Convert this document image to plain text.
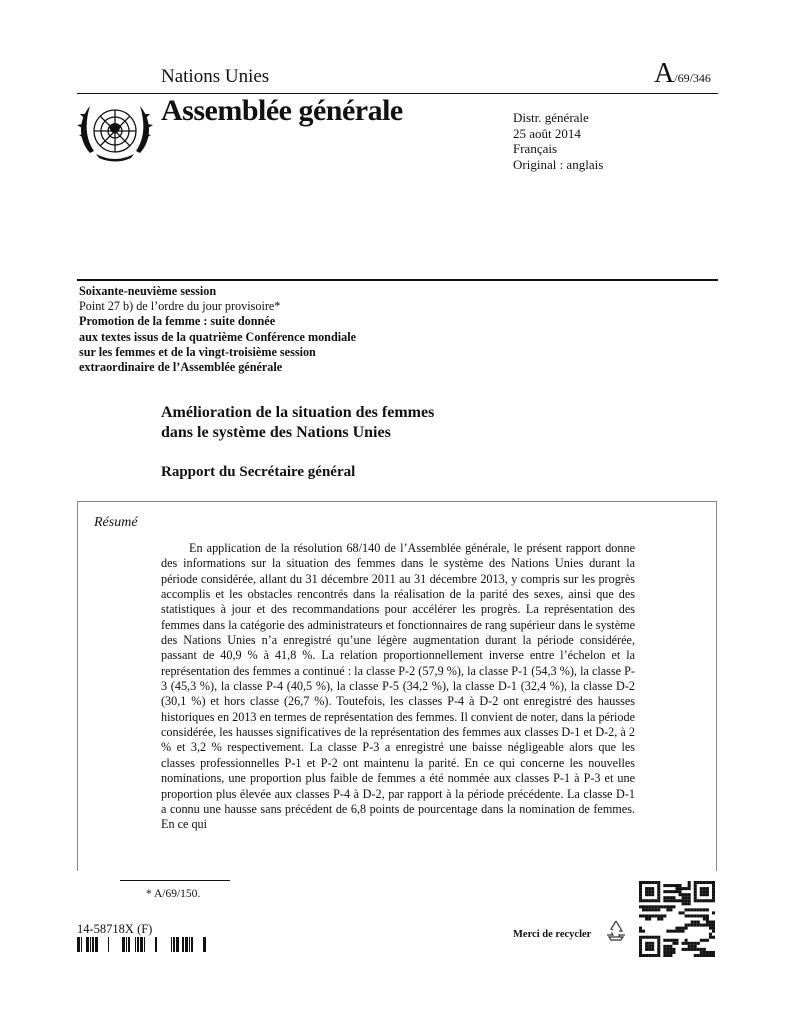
Nations Unies	A/69/346
Assemblée générale	Distr. générale
25 août 2014
Français
Original : anglais
Soixante-neuvième session
Point 27 b) de l’ordre du jour provisoire*
Promotion de la femme : suite donnée
aux textes issus de la quatrième Conférence mondiale
sur les femmes et de la vingt-troisième session
extraordinaire de l’Assemblée générale
Amélioration de la situation des femmes
dans le système des Nations Unies
Rapport du Secrétaire général
Résumé

En application de la résolution 68/140 de l’Assemblée générale, le présent rapport donne des informations sur la situation des femmes dans le système des Nations Unies durant la période considérée, allant du 31 décembre 2011 au 31 décembre 2013, y compris sur les progrès accomplis et les obstacles rencontrés dans la réalisation de la parité des sexes, ainsi que des statistiques à jour et des recommandations pour accélérer les progrès. La représentation des femmes dans la catégorie des administrateurs et fonctionnaires de rang supérieur dans le système des Nations Unies n’a enregistré qu’une légère augmentation durant la période considérée, passant de 40,9 % à 41,8 %. La relation proportionnellement inverse entre l’échelon et la représentation des femmes a continué : la classe P-2 (57,9 %), la classe P-1 (54,3 %), la classe P-3 (45,3 %), la classe P-4 (40,5 %), la classe P-5 (34,2 %), la classe D-1 (32,4 %), la classe D-2 (30,1 %) et hors classe (26,7 %). Toutefois, les classes P-4 à D-2 ont enregistré des hausses historiques en 2013 en termes de représentation des femmes. Il convient de noter, dans la période considérée, les hausses significatives de la représentation des femmes aux classes D-1 et D-2, à 2 % et 3,2 % respectivement. La classe P-3 a enregistré une baisse négligeable alors que les classes professionnelles P-1 et P-2 ont maintenu la parité. En ce qui concerne les nouvelles nominations, une proportion plus faible de femmes a été nommée aux classes P-1 à P-3 et une proportion plus élevée aux classes P-4 à D-2, par rapport à la période précédente. La classe D-1 a connu une hausse sans précédent de 6,8 points de pourcentage dans la nomination de femmes. En ce qui

* A/69/150.
14-58718X (F)	Merci de recycler
